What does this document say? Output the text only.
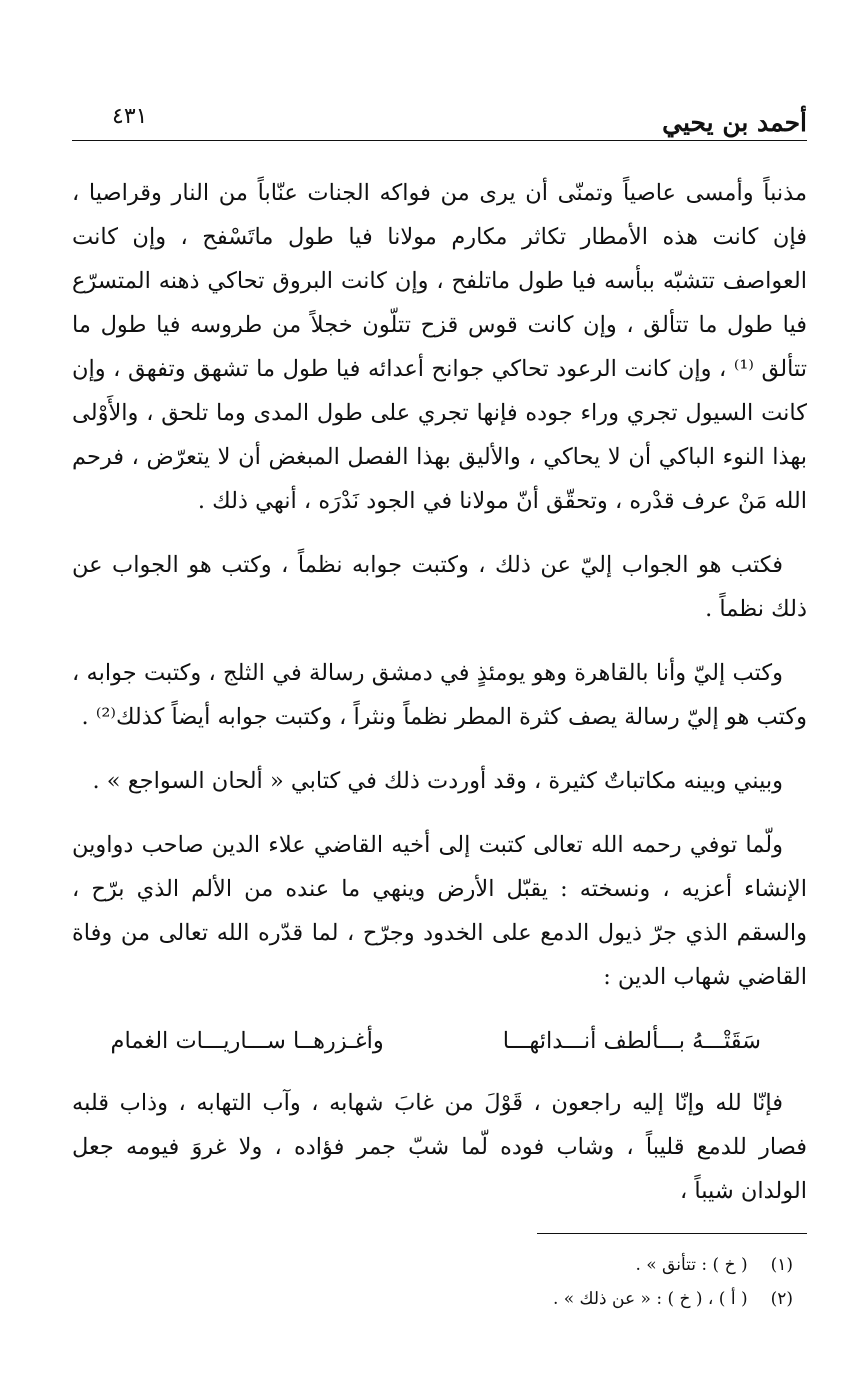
أحمد بن يحيي
٤٣١

مذنباً وأمسى عاصياً وتمنّى أن يرى من فواكه الجنات عنّاباً من النار وقراصيا ، فإن كانت هذه الأمطار تكاثر مكارم مولانا فيا طول ماتَسْفح ، وإن كانت العواصف تتشبّه ببأسه فيا طول ماتلفح ، وإن كانت البروق تحاكي ذهنه المتسرّع فيا طول ما تتألق ، وإن كانت قوس قزح تتلّون خجلاً من طروسه فيا طول ما تتألق ⁽¹⁾ ، وإن كانت الرعود تحاكي جوانح أعدائه فيا طول ما تشهق وتفهق ، وإن كانت السيول تجري وراء جوده فإنها تجري على طول المدى وما تلحق ، والأَوْلى بهذا النوء الباكي أن لا يحاكي ، والأليق بهذا الفصل المبغض أن لا يتعرّض ، فرحم الله مَنْ عرف قدْره ، وتحقّق أنّ مولانا في الجود نَدْرَه ، أنهي ذلك .

فكتب هو الجواب إليّ عن ذلك ، وكتبت جوابه نظماً ، وكتب هو الجواب عن ذلك نظماً .

وكتب إليّ وأنا بالقاهرة وهو يومئذٍ في دمشق رسالة في الثلج ، وكتبت جوابه ، وكتب هو إليّ رسالة يصف كثرة المطر نظماً ونثراً ، وكتبت جوابه أيضاً كذلك⁽²⁾ .

وبيني وبينه مكاتباتٌ كثيرة ، وقد أوردت ذلك في كتابي « ألحان السواجع » .

ولّما توفي رحمه الله تعالى كتبت إلى أخيه القاضي علاء الدين صاحب دواوين الإنشاء أعزيه ، ونسخته : يقبّل الأرض وينهي ما عنده من الألم الذي برّح ، والسقم الذي جرّ ذيول الدمع على الخدود وجرّح ، لما قدّره الله تعالى من وفاة القاضي شهاب الدين :

سَقَتْـــهُ بـــألطف أنـــدائهـــا
وأغـزرهــا ســـاريـــات الغمام

فإنّا لله وإنّا إليه راجعون ، قَوْلَ من غابَ شهابه ، وآب التهابه ، وذاب قلبه فصار للدمع قليباً ، وشاب فوده لّما شبّ جمر فؤاده ، ولا غروَ فيومه جعل الولدان شيباً ،

(١) ( خ ) : تتأنق » .
(٢) ( أ ) ، ( خ ) : « عن ذلك » .
